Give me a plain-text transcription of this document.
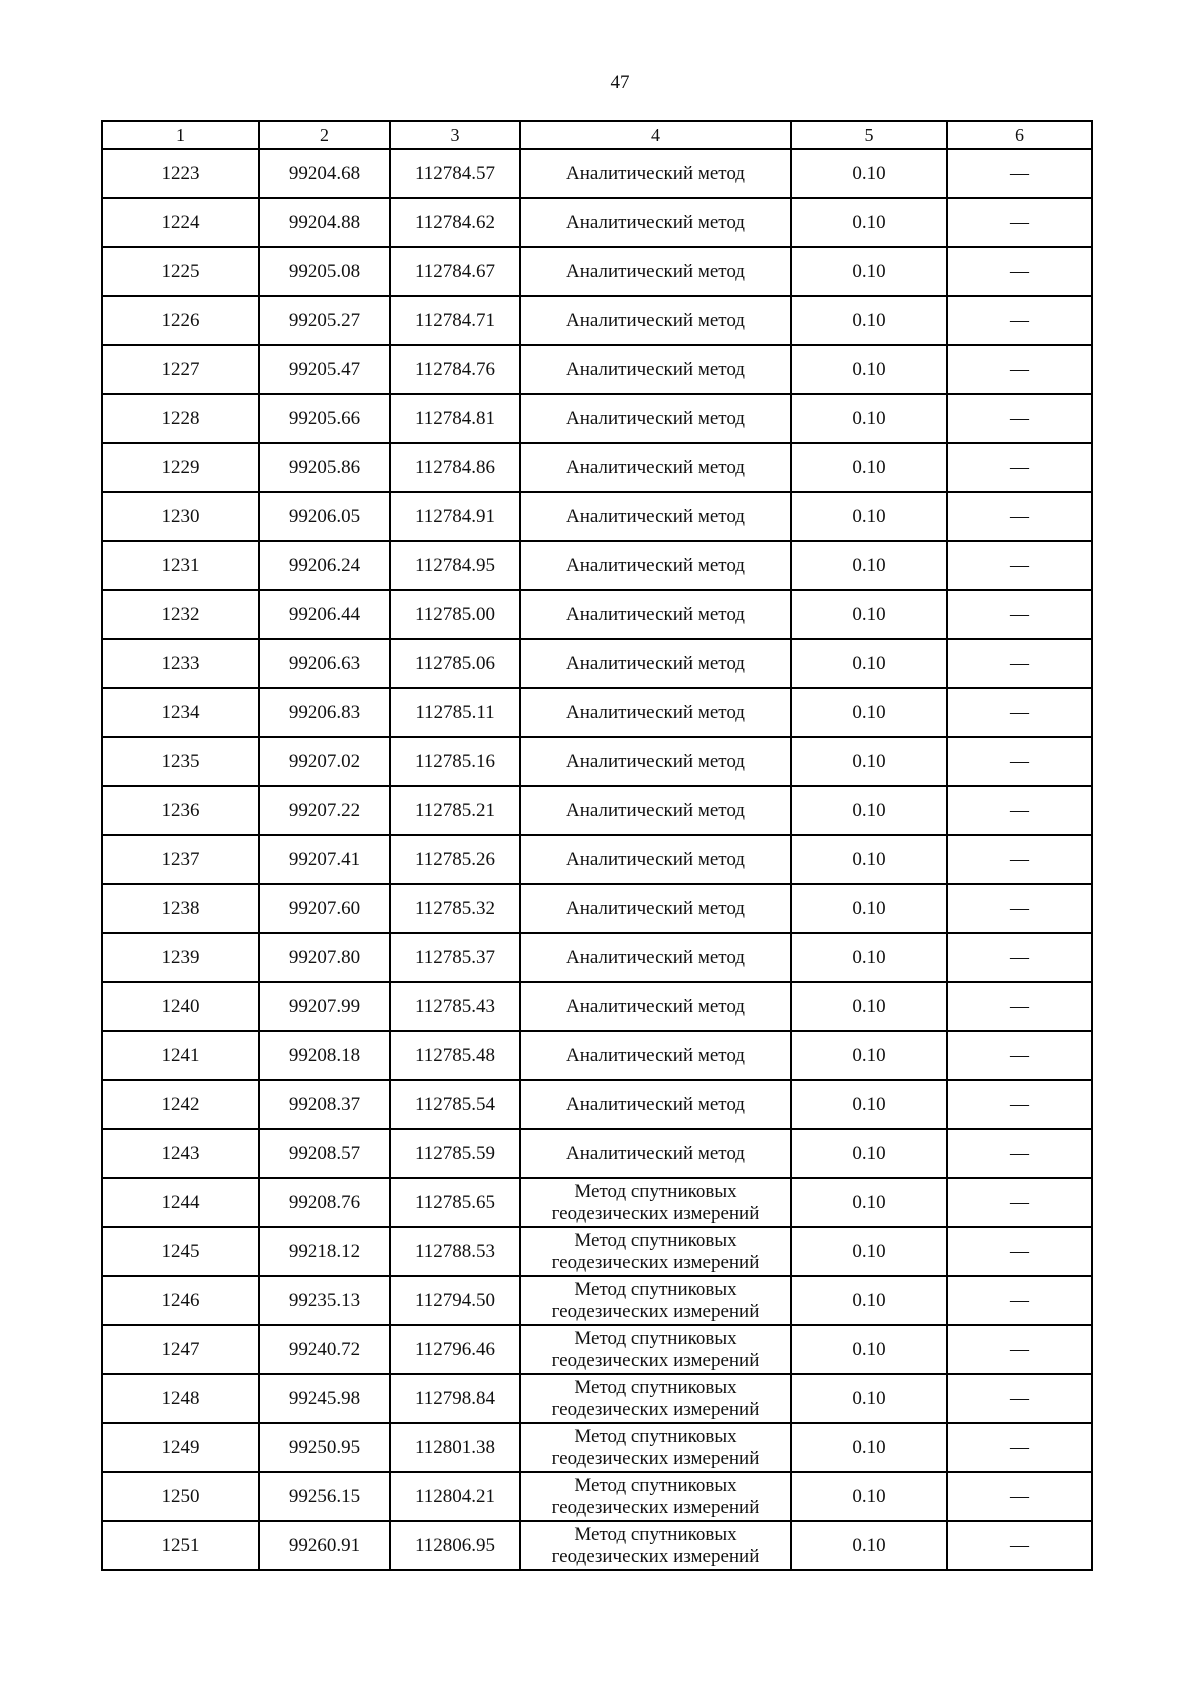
47
1	2	3	4	5	6
1223	99204.68	112784.57	Аналитический метод	0.10	—
1224	99204.88	112784.62	Аналитический метод	0.10	—
1225	99205.08	112784.67	Аналитический метод	0.10	—
1226	99205.27	112784.71	Аналитический метод	0.10	—
1227	99205.47	112784.76	Аналитический метод	0.10	—
1228	99205.66	112784.81	Аналитический метод	0.10	—
1229	99205.86	112784.86	Аналитический метод	0.10	—
1230	99206.05	112784.91	Аналитический метод	0.10	—
1231	99206.24	112784.95	Аналитический метод	0.10	—
1232	99206.44	112785.00	Аналитический метод	0.10	—
1233	99206.63	112785.06	Аналитический метод	0.10	—
1234	99206.83	112785.11	Аналитический метод	0.10	—
1235	99207.02	112785.16	Аналитический метод	0.10	—
1236	99207.22	112785.21	Аналитический метод	0.10	—
1237	99207.41	112785.26	Аналитический метод	0.10	—
1238	99207.60	112785.32	Аналитический метод	0.10	—
1239	99207.80	112785.37	Аналитический метод	0.10	—
1240	99207.99	112785.43	Аналитический метод	0.10	—
1241	99208.18	112785.48	Аналитический метод	0.10	—
1242	99208.37	112785.54	Аналитический метод	0.10	—
1243	99208.57	112785.59	Аналитический метод	0.10	—
1244	99208.76	112785.65	Метод спутниковых геодезических измерений	0.10	—
1245	99218.12	112788.53	Метод спутниковых геодезических измерений	0.10	—
1246	99235.13	112794.50	Метод спутниковых геодезических измерений	0.10	—
1247	99240.72	112796.46	Метод спутниковых геодезических измерений	0.10	—
1248	99245.98	112798.84	Метод спутниковых геодезических измерений	0.10	—
1249	99250.95	112801.38	Метод спутниковых геодезических измерений	0.10	—
1250	99256.15	112804.21	Метод спутниковых геодезических измерений	0.10	—
1251	99260.91	112806.95	Метод спутниковых геодезических измерений	0.10	—
